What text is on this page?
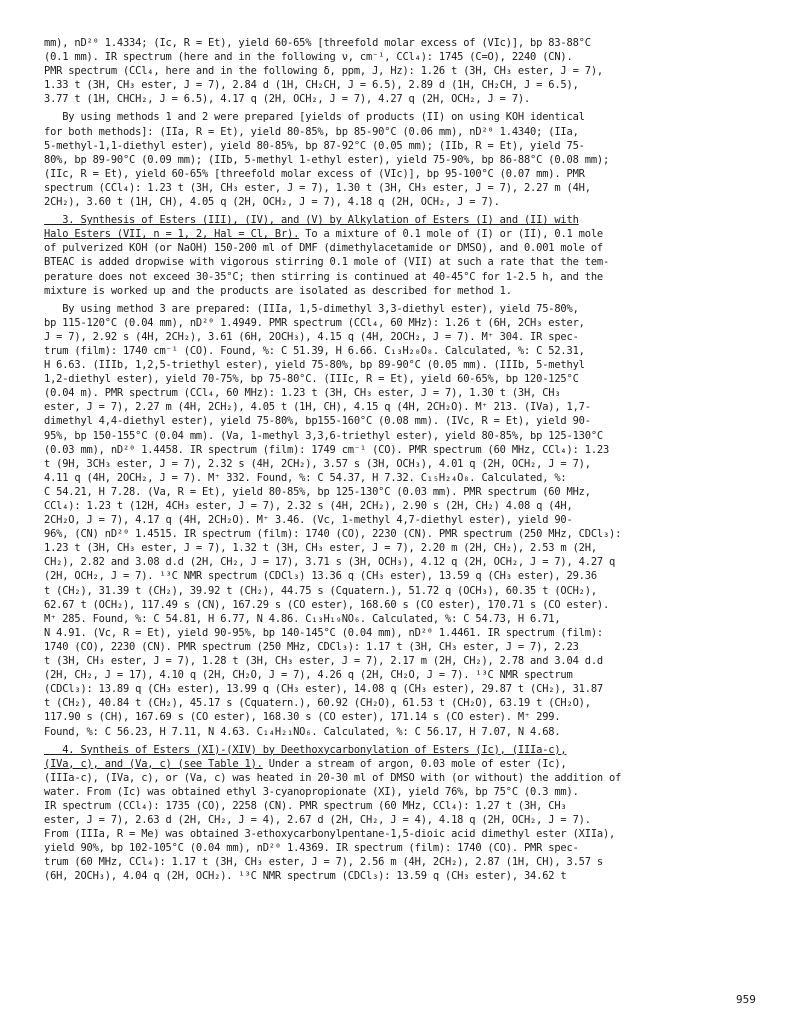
mm), nD²⁰ 1.4334; (Ic, R = Et), yield 60-65% [threefold molar excess of (VIc)], bp 83-88°C
(0.1 mm). IR spectrum (here and in the following ν, cm⁻¹, CCl₄): 1745 (C=O), 2240 (CN).
PMR spectrum (CCl₄, here and in the following δ, ppm, J, Hz): 1.26 t (3H, CH₃ ester, J = 7),
1.33 t (3H, CH₃ ester, J = 7), 2.84 d (1H, CH₂CH, J = 6.5), 2.89 d (1H, CH₂CH, J = 6.5),
3.77 t (1H, CHCH₂, J = 6.5), 4.17 q (2H, OCH₂, J = 7), 4.27 q (2H, OCH₂, J = 7).
By using methods 1 and 2 were prepared [yields of products (II) on using KOH identical
for both methods]: (IIa, R = Et), yield 80-85%, bp 85-90°C (0.06 mm), nD²⁰ 1.4340; (IIa,
5-methyl-1,1-diethyl ester), yield 80-85%, bp 87-92°C (0.05 mm); (IIb, R = Et), yield 75-
80%, bp 89-90°C (0.09 mm); (IIb, 5-methyl 1-ethyl ester), yield 75-90%, bp 86-88°C (0.08 mm);
(IIc, R = Et), yield 60-65% [threefold molar excess of (VIc)], bp 95-100°C (0.07 mm). PMR
spectrum (CCl₄): 1.23 t (3H, CH₃ ester, J = 7), 1.30 t (3H, CH₃ ester, J = 7), 2.27 m (4H,
2CH₂), 3.60 t (1H, CH), 4.05 q (2H, OCH₂, J = 7), 4.18 q (2H, OCH₂, J = 7).
3. Synthesis of Esters (III), (IV), and (V) by Alkylation of Esters (I) and (II) with
Halo Esters (VII, n = 1, 2, Hal = Cl, Br). To a mixture of 0.1 mole of (I) or (II), 0.1 mole
of pulverized KOH (or NaOH) 150-200 ml of DMF (dimethylacetamide or DMSO), and 0.001 mole of
BTEAC is added dropwise with vigorous stirring 0.1 mole of (VII) at such a rate that the tem-
perature does not exceed 30-35°C; then stirring is continued at 40-45°C for 1-2.5 h, and the
mixture is worked up and the products are isolated as described for method 1.
By using method 3 are prepared: (IIIa, 1,5-dimethyl 3,3-diethyl ester), yield 75-80%,
bp 115-120°C (0.04 mm), nD²⁰ 1.4949. PMR spectrum (CCl₄, 60 MHz): 1.26 t (6H, 2CH₃ ester,
J = 7), 2.92 s (4H, 2CH₂), 3.61 (6H, 2OCH₃), 4.15 q (4H, 2OCH₂, J = 7). M⁺ 304. IR spec-
trum (film): 1740 cm⁻¹ (CO). Found, %: C 51.39, H 6.66. C₁₃H₂₀O₈. Calculated, %: C 52.31,
H 6.63. (IIIb, 1,2,5-triethyl ester), yield 75-80%, bp 89-90°C (0.05 mm). (IIIb, 5-methyl
1,2-diethyl ester), yield 70-75%, bp 75-80°C. (IIIc, R = Et), yield 60-65%, bp 120-125°C
(0.04 m). PMR spectrum (CCl₄, 60 MHz): 1.23 t (3H, CH₃ ester, J = 7), 1.30 t (3H, CH₃
ester, J = 7), 2.27 m (4H, 2CH₂), 4.05 t (1H, CH), 4.15 q (4H, 2CH₂O). M⁺ 213. (IVa), 1,7-
dimethyl 4,4-diethyl ester), yield 75-80%, bp155-160°C (0.08 mm). (IVc, R = Et), yield 90-
95%, bp 150-155°C (0.04 mm). (Va, 1-methyl 3,3,6-triethyl ester), yield 80-85%, bp 125-130°C
(0.03 mm), nD²⁰ 1.4458. IR spectrum (film): 1749 cm⁻¹ (CO). PMR spectrum (60 MHz, CCl₄): 1.23
t (9H, 3CH₃ ester, J = 7), 2.32 s (4H, 2CH₂), 3.57 s (3H, OCH₃), 4.01 q (2H, OCH₂, J = 7),
4.11 q (4H, 2OCH₂, J = 7). M⁺ 332. Found, %: C 54.37, H 7.32. C₁₅H₂₄O₈. Calculated, %:
C 54.21, H 7.28. (Va, R = Et), yield 80-85%, bp 125-130°C (0.03 mm). PMR spectrum (60 MHz,
CCl₄): 1.23 t (12H, 4CH₃ ester, J = 7), 2.32 s (4H, 2CH₂), 2.90 s (2H, CH₂) 4.08 q (4H,
2CH₂O, J = 7), 4.17 q (4H, 2CH₂O). M⁺ 3.46. (Vc, 1-methyl 4,7-diethyl ester), yield 90-
96%, (CN) nD²⁰ 1.4515. IR spectrum (film): 1740 (CO), 2230 (CN). PMR spectrum (250 MHz, CDCl₃):
1.23 t (3H, CH₃ ester, J = 7), 1.32 t (3H, CH₃ ester, J = 7), 2.20 m (2H, CH₂), 2.53 m (2H,
CH₂), 2.82 and 3.08 d.d (2H, CH₂, J = 17), 3.71 s (3H, OCH₃), 4.12 q (2H, OCH₂, J = 7), 4.27 q
(2H, OCH₂, J = 7). ¹³C NMR spectrum (CDCl₃) 13.36 q (CH₃ ester), 13.59 q (CH₃ ester), 29.36
t (CH₂), 31.39 t (CH₂), 39.92 t (CH₂), 44.75 s (Cquatern.), 51.72 q (OCH₃), 60.35 t (OCH₂),
62.67 t (OCH₂), 117.49 s (CN), 167.29 s (CO ester), 168.60 s (CO ester), 170.71 s (CO ester).
M⁺ 285. Found, %: C 54.81, H 6.77, N 4.86. C₁₃H₁₉NO₆. Calculated, %: C 54.73, H 6.71,
N 4.91. (Vc, R = Et), yield 90-95%, bp 140-145°C (0.04 mm), nD²⁰ 1.4461. IR spectrum (film):
1740 (CO), 2230 (CN). PMR spectrum (250 MHz, CDCl₃): 1.17 t (3H, CH₃ ester, J = 7), 2.23
t (3H, CH₃ ester, J = 7), 1.28 t (3H, CH₃ ester, J = 7), 2.17 m (2H, CH₂), 2.78 and 3.04 d.d
(2H, CH₂, J = 17), 4.10 q (2H, CH₂O, J = 7), 4.26 q (2H, CH₂O, J = 7). ¹³C NMR spectrum
(CDCl₃): 13.89 q (CH₃ ester), 13.99 q (CH₃ ester), 14.08 q (CH₃ ester), 29.87 t (CH₂), 31.87
t (CH₂), 40.84 t (CH₂), 45.17 s (Cquatern.), 60.92 (CH₂O), 61.53 t (CH₂O), 63.19 t (CH₂O),
117.90 s (CH), 167.69 s (CO ester), 168.30 s (CO ester), 171.14 s (CO ester). M⁺ 299.
Found, %: C 56.23, H 7.11, N 4.63. C₁₄H₂₁NO₆. Calculated, %: C 56.17, H 7.07, N 4.68.
4. Syntheis of Esters (XI)-(XIV) by Deethoxycarbonylation of Esters (Ic), (IIIa-c),
(IVa, c), and (Va, c) (see Table 1). Under a stream of argon, 0.03 mole of ester (Ic),
(IIIa-c), (IVa, c), or (Va, c) was heated in 20-30 ml of DMSO with (or without) the addition of
water. From (Ic) was obtained ethyl 3-cyanopropionate (XI), yield 76%, bp 75°C (0.3 mm).
IR spectrum (CCl₄): 1735 (CO), 2258 (CN). PMR spectrum (60 MHz, CCl₄): 1.27 t (3H, CH₃
ester, J = 7), 2.63 d (2H, CH₂, J = 4), 2.67 d (2H, CH₂, J = 4), 4.18 q (2H, OCH₂, J = 7).
From (IIIa, R = Me) was obtained 3-ethoxycarbonylpentane-1,5-dioic acid dimethyl ester (XIIa),
yield 90%, bp 102-105°C (0.04 mm), nD²⁰ 1.4369. IR spectrum (film): 1740 (CO). PMR spec-
trum (60 MHz, CCl₄): 1.17 t (3H, CH₃ ester, J = 7), 2.56 m (4H, 2CH₂), 2.87 (1H, CH), 3.57 s
(6H, 2OCH₃), 4.04 q (2H, OCH₂). ¹³C NMR spectrum (CDCl₃): 13.59 q (CH₃ ester), 34.62 t
959
